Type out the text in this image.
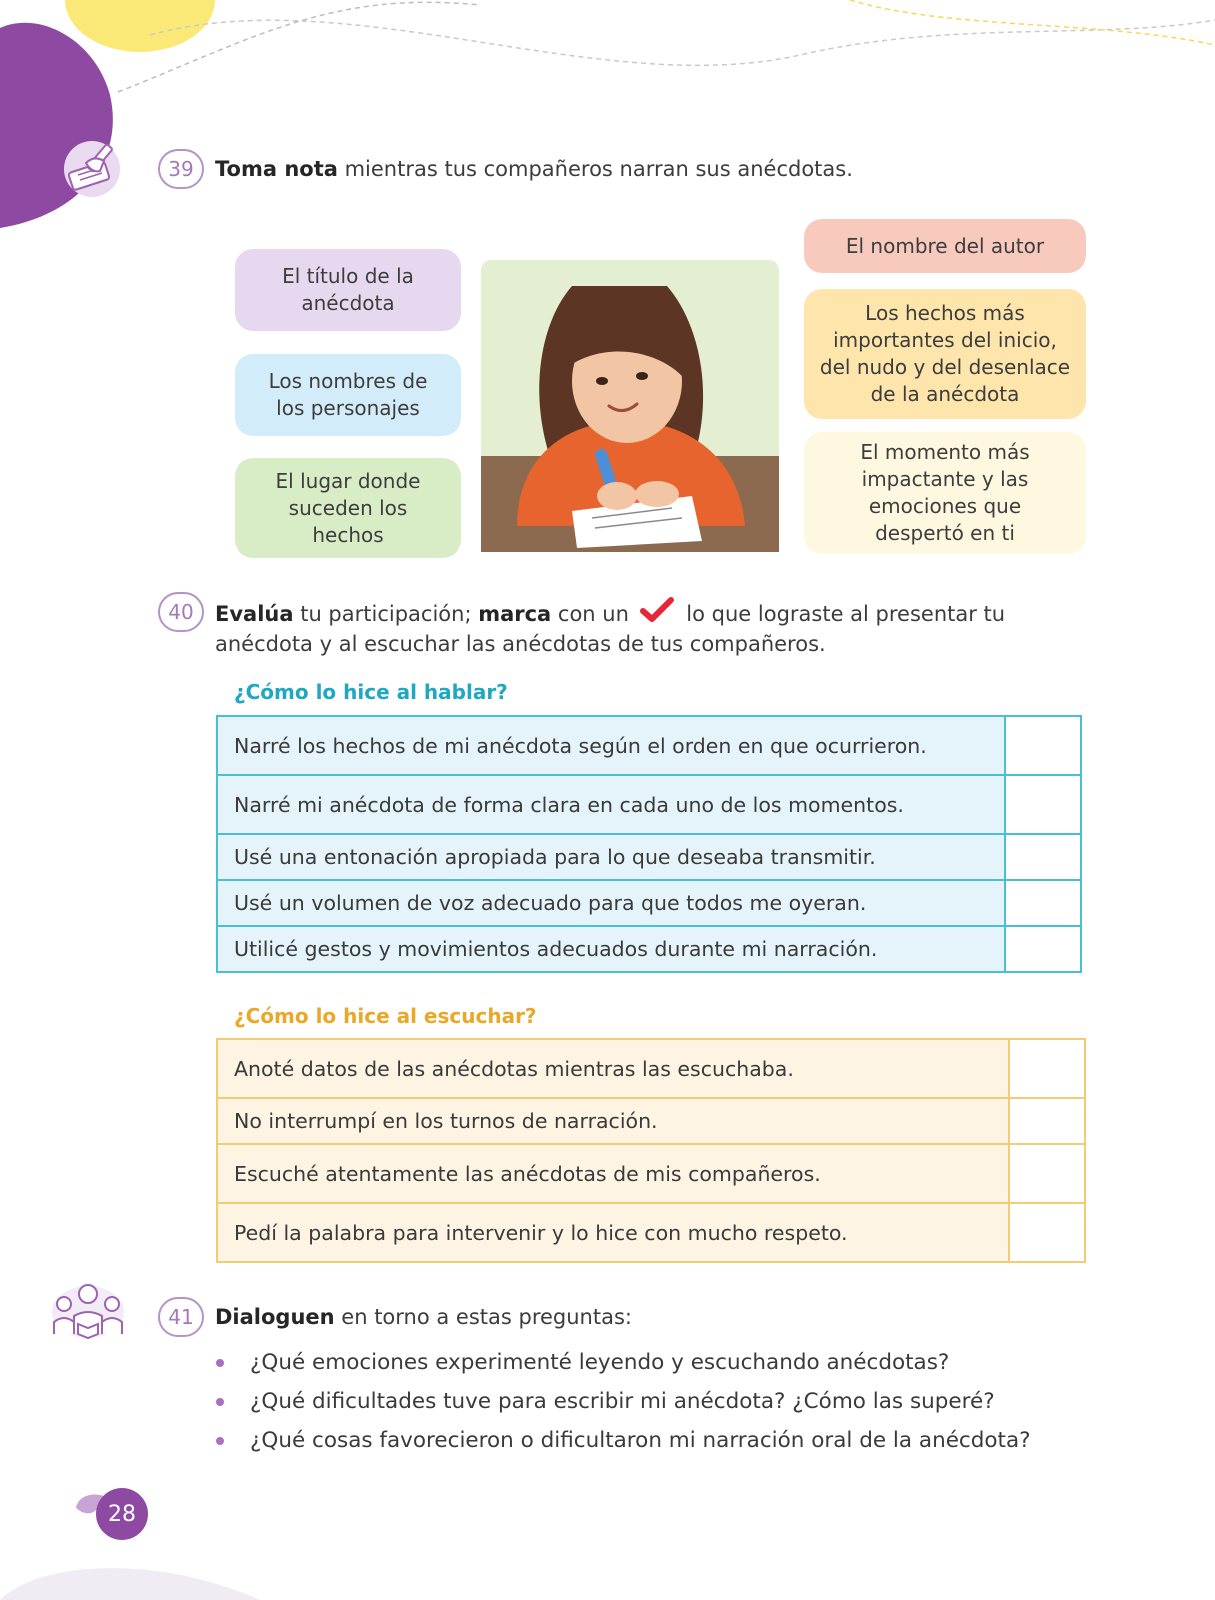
39	Toma nota mientras tus compañeros narran sus anécdotas.
El título de la anécdota
Los nombres de los personajes
El lugar donde suceden los hechos
El nombre del autor
Los hechos más importantes del inicio, del nudo y del desenlace de la anécdota
El momento más impactante y las emociones que despertó en ti
40	Evalúa tu participación; marca con un	lo que lograste al presentar tu
anécdota y al escuchar las anécdotas de tus compañeros.
¿Cómo lo hice al hablar?
Narré los hechos de mi anécdota según el orden en que ocurrieron.	
Narré mi anécdota de forma clara en cada uno de los momentos.	
Usé una entonación apropiada para lo que deseaba transmitir.	
Usé un volumen de voz adecuado para que todos me oyeran.	
Utilicé gestos y movimientos adecuados durante mi narración.	
¿Cómo lo hice al escuchar?
Anoté datos de las anécdotas mientras las escuchaba.	
No interrumpí en los turnos de narración.	
Escuché atentamente las anécdotas de mis compañeros.	
Pedí la palabra para intervenir y lo hice con mucho respeto.	
41	Dialoguen en torno a estas preguntas:
¿Qué emociones experimenté leyendo y escuchando anécdotas?
¿Qué dificultades tuve para escribir mi anécdota? ¿Cómo las superé?
¿Qué cosas favorecieron o dificultaron mi narración oral de la anécdota?
28
